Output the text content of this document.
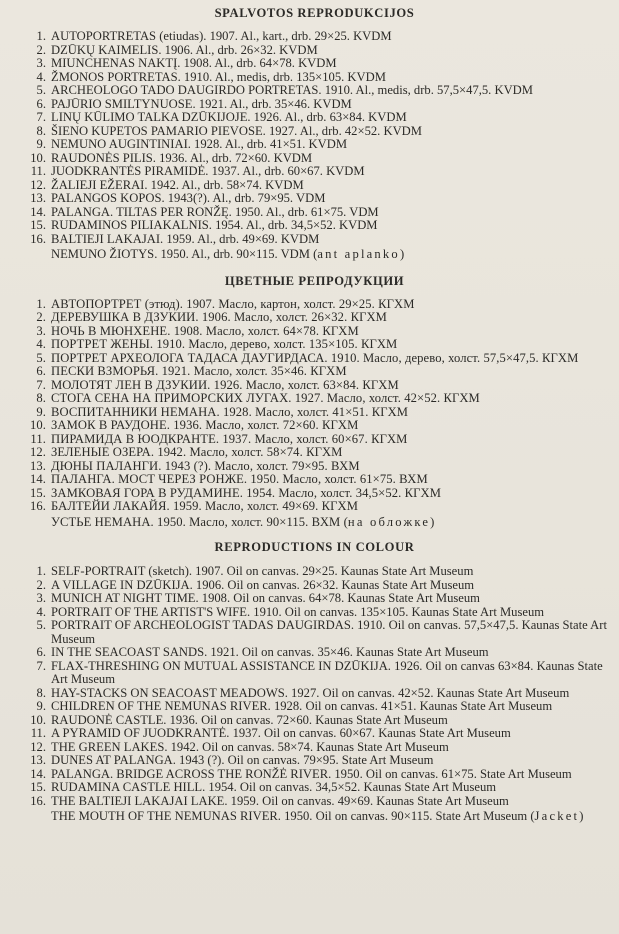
SPALVOTOS REPRODUKCIJOS
1. AUTOPORTRETAS (etiudas). 1907. Al., kart., drb. 29×25. KVDM
2. DZŪKŲ KAIMELIS. 1906. Al., drb. 26×32. KVDM
3. MIUNCHENAS NAKTĮ. 1908. Al., drb. 64×78. KVDM
4. ŽMONOS PORTRETAS. 1910. Al., medis, drb. 135×105. KVDM
5. ARCHEOLOGO TADO DAUGIRDO PORTRETAS. 1910. Al., medis, drb. 57,5×47,5. KVDM
6. PAJŪRIO SMILTYNUOSE. 1921. Al., drb. 35×46. KVDM
7. LINŲ KŪLIMO TALKA DZŪKIJOJE. 1926. Al., drb. 63×84. KVDM
8. ŠIENO KUPETOS PAMARIO PIEVOSE. 1927. Al., drb. 42×52. KVDM
9. NEMUNO AUGINTINIAI. 1928. Al., drb. 41×51. KVDM
10. RAUDONĖS PILIS. 1936. Al., drb. 72×60. KVDM
11. JUODKRANTĖS PIRAMIDĖ. 1937. Al., drb. 60×67. KVDM
12. ŽALIEJI EŽERAI. 1942. Al., drb. 58×74. KVDM
13. PALANGOS KOPOS. 1943(?). Al., drb. 79×95. VDM
14. PALANGA. TILTAS PER RONŽĘ. 1950. Al., drb. 61×75. VDM
15. RUDAMINOS PILIAKALNIS. 1954. Al., drb. 34,5×52. KVDM
16. BALTIEJI LAKAJAI. 1959. Al., drb. 49×69. KVDM
NEMUNO ŽIOTYS. 1950. Al., drb. 90×115. VDM (ant aplanko)
ЦВЕТНЫЕ РЕПРОДУКЦИИ
1. АВТОПОРТРЕТ (этюд). 1907. Масло, картон, холст. 29×25. КГХМ
2. ДЕРЕВУШКА В ДЗУКИИ. 1906. Масло, холст. 26×32. КГХМ
3. НОЧЬ В МЮНХЕНЕ. 1908. Масло, холст. 64×78. КГХМ
4. ПОРТРЕТ ЖЕНЫ. 1910. Масло, дерево, холст. 135×105. КГХМ
5. ПОРТРЕТ АРХЕОЛОГА ТАДАСА ДАУГИРДАСА. 1910. Масло, дерево, холст. 57,5×47,5. КГХМ
6. ПЕСКИ ВЗМОРЬЯ. 1921. Масло, холст. 35×46. КГХМ
7. МОЛОТЯТ ЛЕН В ДЗУКИИ. 1926. Масло, холст. 63×84. КГХМ
8. СТОГА СЕНА НА ПРИМОРСКИХ ЛУГАХ. 1927. Масло, холст. 42×52. КГХМ
9. ВОСПИТАННИКИ НЕМАНА. 1928. Масло, холст. 41×51. КГХМ
10. ЗАМОК В РАУДОНЕ. 1936. Масло, холст. 72×60. КГХМ
11. ПИРАМИДА В ЮОДКРАНТЕ. 1937. Масло, холст. 60×67. КГХМ
12. ЗЕЛЕНЫЕ ОЗЕРА. 1942. Масло, холст. 58×74. КГХМ
13. ДЮНЫ ПАЛАНГИ. 1943 (?). Масло, холст. 79×95. ВХМ
14. ПАЛАНГА. МОСТ ЧЕРЕЗ РОНЖЕ. 1950. Масло, холст. 61×75. ВХМ
15. ЗАМКОВАЯ ГОРА В РУДАМИНЕ. 1954. Масло, холст. 34,5×52. КГХМ
16. БАЛТЕЙИ ЛАКАЙЯ. 1959. Масло, холст. 49×69. КГХМ
УСТЬЕ НЕМАНА. 1950. Масло, холст. 90×115. ВХМ (на обложке)
REPRODUCTIONS IN COLOUR
1. SELF-PORTRAIT (sketch). 1907. Oil on canvas. 29×25. Kaunas State Art Museum
2. A VILLAGE IN DZŪKIJA. 1906. Oil on canvas. 26×32. Kaunas State Art Museum
3. MUNICH AT NIGHT TIME. 1908. Oil on canvas. 64×78. Kaunas State Art Museum
4. PORTRAIT OF THE ARTIST'S WIFE. 1910. Oil on canvas. 135×105. Kaunas State Art Museum
5. PORTRAIT OF ARCHEOLOGIST TADAS DAUGIRDAS. 1910. Oil on canvas. 57,5×47,5. Kaunas State Art Museum
6. IN THE SEACOAST SANDS. 1921. Oil on canvas. 35×46. Kaunas State Art Museum
7. FLAX-THRESHING ON MUTUAL ASSISTANCE IN DZŪKIJA. 1926. Oil on canvas 63×84. Kaunas State Art Museum
8. HAY-STACKS ON SEACOAST MEADOWS. 1927. Oil on canvas. 42×52. Kaunas State Art Museum
9. CHILDREN OF THE NEMUNAS RIVER. 1928. Oil on canvas. 41×51. Kaunas State Art Museum
10. RAUDONĖ CASTLE. 1936. Oil on canvas. 72×60. Kaunas State Art Museum
11. A PYRAMID OF JUODKRANTĖ. 1937. Oil on canvas. 60×67. Kaunas State Art Museum
12. THE GREEN LAKES. 1942. Oil on canvas. 58×74. Kaunas State Art Museum
13. DUNES AT PALANGA. 1943 (?). Oil on canvas. 79×95. State Art Museum
14. PALANGA. BRIDGE ACROSS THE RONŽĖ RIVER. 1950. Oil on canvas. 61×75. State Art Museum
15. RUDAMINA CASTLE HILL. 1954. Oil on canvas. 34,5×52. Kaunas State Art Museum
16. THE BALTIEJI LAKAJAI LAKE. 1959. Oil on canvas. 49×69. Kaunas State Art Museum
THE MOUTH OF THE NEMUNAS RIVER. 1950. Oil on canvas. 90×115. State Art Museum (Jacket)
